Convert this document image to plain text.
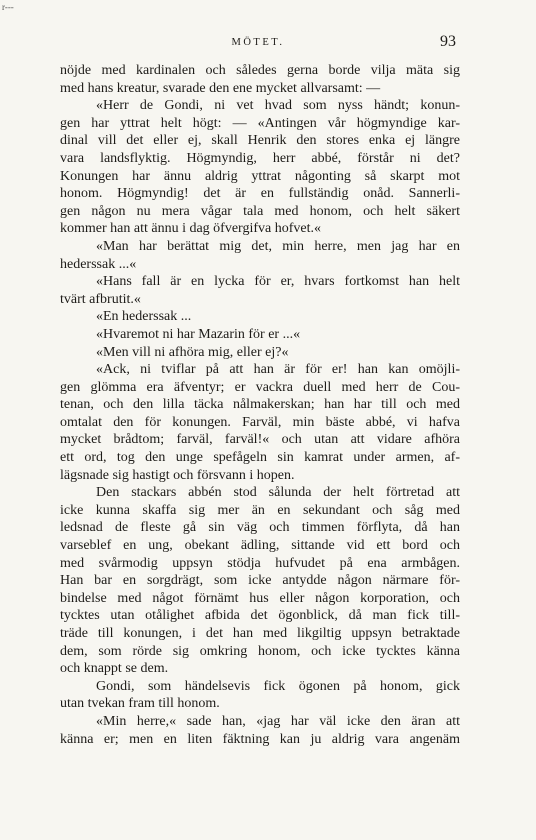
r---
MÖTET.	93
nöjde med kardinalen och således gerna borde vilja mäta sig
med hans kreatur, svarade den ene mycket allvarsamt: —
«Herr de Gondi, ni vet hvad som nyss händt; konun-
gen har yttrat helt högt: — «Antingen vår högmyndige kar-
dinal vill det eller ej, skall Henrik den stores enka ej längre
vara landsflyktig. Högmyndig, herr abbé, förstår ni det?
Konungen har ännu aldrig yttrat någonting så skarpt mot
honom. Högmyndig! det är en fullständig onåd. Sannerli-
gen någon nu mera vågar tala med honom, och helt säkert
kommer han att ännu i dag öfvergifva hofvet.«
«Man har berättat mig det, min herre, men jag har en
hederssak ...«
«Hans fall är en lycka för er, hvars fortkomst han helt
tvärt afbrutit.«
«En hederssak ...
«Hvaremot ni har Mazarin för er ...«
«Men vill ni afhöra mig, eller ej?«
«Ack, ni tviflar på att han är för er! han kan omöjli-
gen glömma era äfventyr; er vackra duell med herr de Cou-
tenan, och den lilla täcka nålmakerskan; han har till och med
omtalat den för konungen. Farväl, min bäste abbé, vi hafva
mycket brådtom; farväl, farväl!« och utan att vidare afhöra
ett ord, tog den unge spefågeln sin kamrat under armen, af-
lägsnade sig hastigt och försvann i hopen.
Den stackars abbén stod sålunda der helt förtretad att
icke kunna skaffa sig mer än en sekundant och såg med
ledsnad de fleste gå sin väg och timmen förflyta, då han
varseblef en ung, obekant ädling, sittande vid ett bord och
med svårmodig uppsyn stödja hufvudet på ena armbågen.
Han bar en sorgdrägt, som icke antydde någon närmare för-
bindelse med något förnämt hus eller någon korporation, och
tycktes utan otålighet afbida det ögonblick, då man fick till-
träde till konungen, i det han med likgiltig uppsyn betraktade
dem, som rörde sig omkring honom, och icke tycktes känna
och knappt se dem.
Gondi, som händelsevis fick ögonen på honom, gick
utan tvekan fram till honom.
«Min herre,« sade han, «jag har väl icke den äran att
känna er; men en liten fäktning kan ju aldrig vara angenäm
